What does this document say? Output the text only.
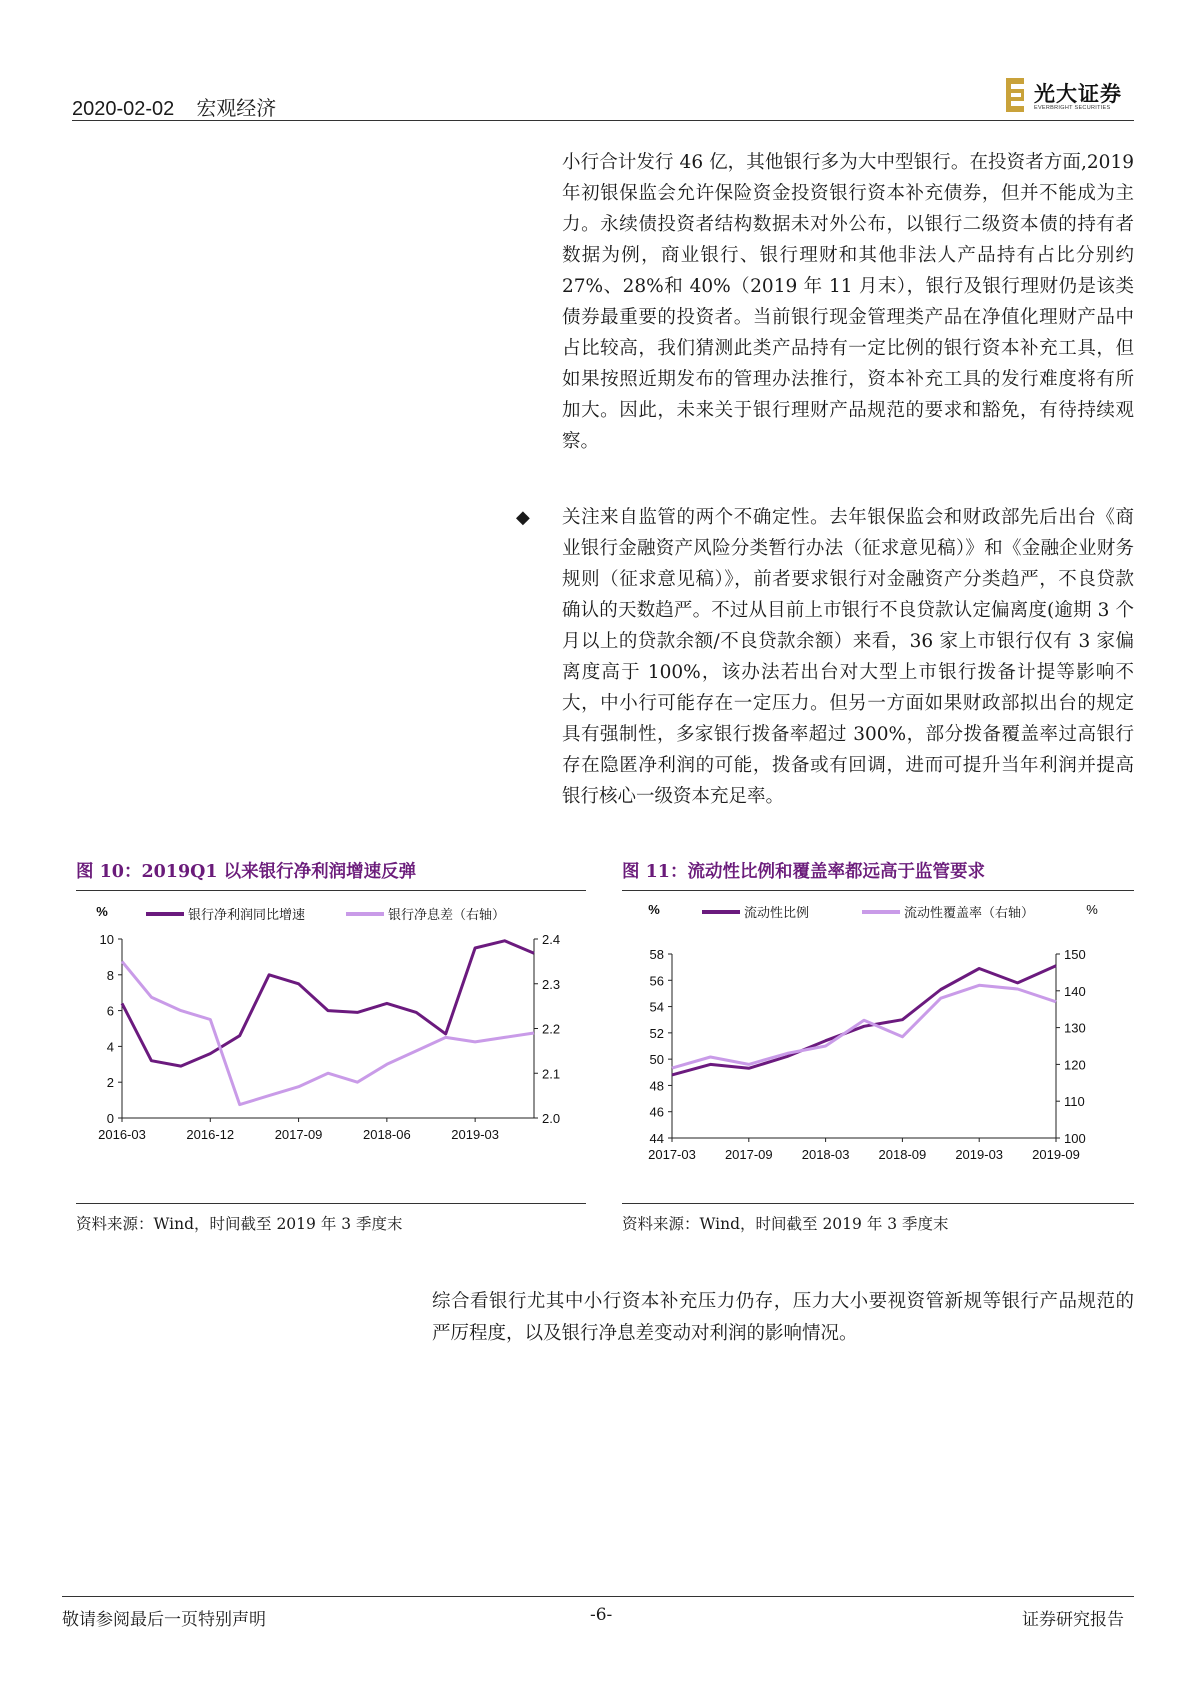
2020-02-02 宏观经济
光大证券
EVERBRIGHT SECURITIES
小行合计发行 46 亿，其他银行多为大中型银行。在投资者方面,2019 年初银保监会允许保险资金投资银行资本补充债券，但并不能成为主力。永续债投资者结构数据未对外公布，以银行二级资本债的持有者数据为例，商业银行、银行理财和其他非法人产品持有占比分别约 27%、28%和 40%（2019 年 11 月末），银行及银行理财仍是该类债券最重要的投资者。当前银行现金管理类产品在净值化理财产品中占比较高，我们猜测此类产品持有一定比例的银行资本补充工具，但如果按照近期发布的管理办法推行，资本补充工具的发行难度将有所加大。因此，未来关于银行理财产品规范的要求和豁免，有待持续观察。
◆ 关注来自监管的两个不确定性。去年银保监会和财政部先后出台《商业银行金融资产风险分类暂行办法（征求意见稿）》和《金融企业财务规则（征求意见稿）》，前者要求银行对金融资产分类趋严，不良贷款确认的天数趋严。不过从目前上市银行不良贷款认定偏离度(逾期 3 个月以上的贷款余额/不良贷款余额）来看，36 家上市银行仅有 3 家偏离度高于 100%，该办法若出台对大型上市银行拨备计提等影响不大，中小行可能存在一定压力。但另一方面如果财政部拟出台的规定具有强制性，多家银行拨备率超过 300%，部分拨备覆盖率过高银行存在隐匿净利润的可能，拨备或有回调，进而可提升当年利润并提高银行核心一级资本充足率。
图 10：2019Q1 以来银行净利润增速反弹
0
2
4
6
8
10
2.0
2.1
2.2
2.3
2.4
2016-03	2016-12	2017-09	2018-06	2019-03
%	银行净利润同比增速	银行净息差（右轴）
资料来源：Wind，时间截至 2019 年 3 季度末
图 11：流动性比例和覆盖率都远高于监管要求
44
46
48
50
52
54
56
58
100
110
120
130
140
150
2017-03 2017-09 2018-03 2018-09 2019-03 2019-09
%	%
流动性比例	流动性覆盖率（右轴）
资料来源：Wind，时间截至 2019 年 3 季度末
综合看银行尤其中小行资本补充压力仍存，压力大小要视资管新规等银行产品规范的严厉程度，以及银行净息差变动对利润的影响情况。
敬请参阅最后一页特别声明	-6-	证券研究报告
